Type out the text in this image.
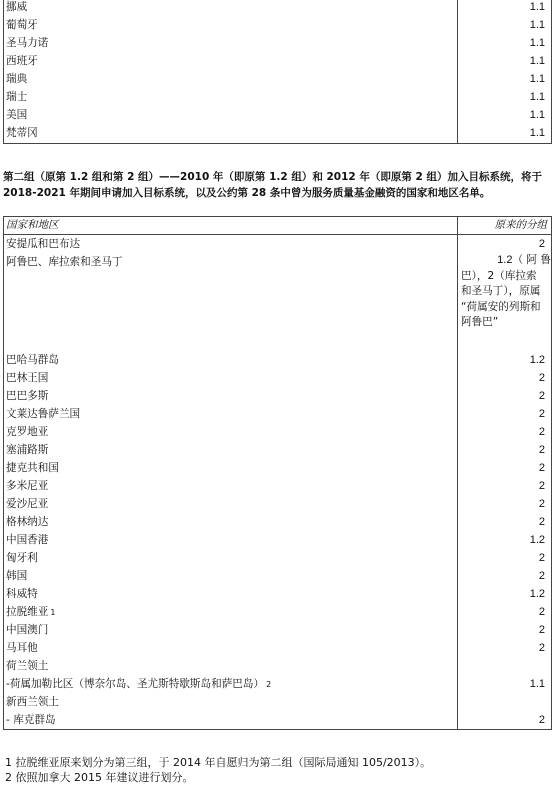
挪威	1.1
葡萄牙	1.1
圣马力诺	1.1
西班牙	1.1
瑞典	1.1
瑞士	1.1
美国	1.1
梵蒂冈	1.1
第二组（原第 1.2 组和第 2 组）——2010 年（即原第 1.2 组）和 2012 年（即原第 2 组）加入目标系统，将于
2018-2021 年期间申请加入目标系统，以及公约第 28 条中曾为服务质量基金融资的国家和地区名单。
国家和地区	原来的分组
安提瓜和巴布达	2
阿鲁巴、库拉索和圣马丁	1.2（ 阿 鲁
巴），2（库拉索
和圣马丁），原属
“荷属安的列斯和
阿鲁巴”
巴哈马群岛	1.2
巴林王国	2
巴巴多斯	2
文莱达鲁萨兰国	2
克罗地亚	2
塞浦路斯	2
捷克共和国	2
多米尼亚	2
爱沙尼亚	2
格林纳达	2
中国香港	1.2
匈牙利	2
韩国	2
科威特	1.2
拉脱维亚 1	2
中国澳门	2
马耳他	2
荷兰领土
-荷属加勒比区（博奈尔岛、圣尤斯特歇斯岛和萨巴岛） 2	1.1
新西兰领土
- 库克群岛	2
1 拉脱维亚原来划分为第三组，于 2014 年自愿归为第二组（国际局通知 105/2013）。
2 依照加拿大 2015 年建议进行划分。
